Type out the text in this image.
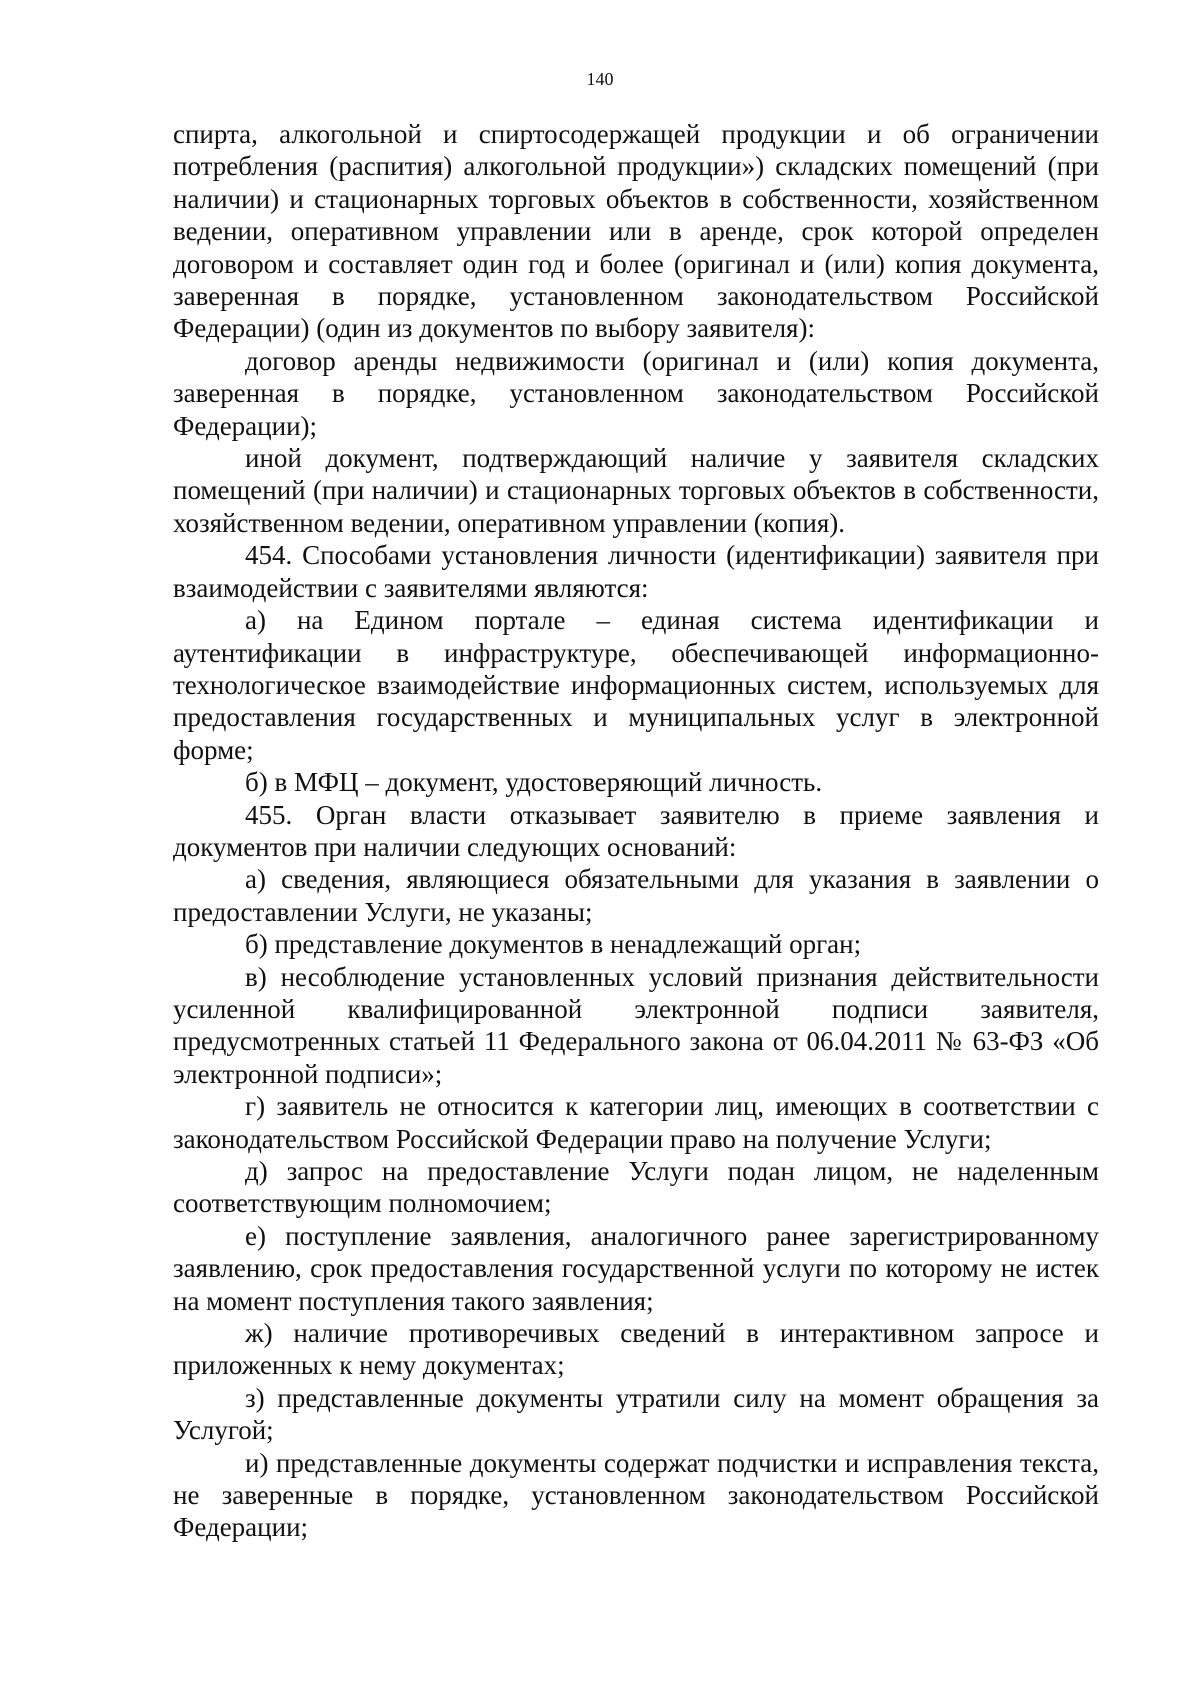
140

спирта, алкогольной и спиртосодержащей продукции и об ограничении потребления (распития) алкогольной продукции») складских помещений (при наличии) и стационарных торговых объектов в собственности, хозяйственном ведении, оперативном управлении или в аренде, срок которой определен договором и составляет один год и более (оригинал и (или) копия документа, заверенная в порядке, установленном законодательством Российской Федерации) (один из документов по выбору заявителя):

договор аренды недвижимости (оригинал и (или) копия документа, заверенная в порядке, установленном законодательством Российской Федерации);

иной документ, подтверждающий наличие у заявителя складских помещений (при наличии) и стационарных торговых объектов в собственности, хозяйственном ведении, оперативном управлении (копия).

454. Способами установления личности (идентификации) заявителя при взаимодействии с заявителями являются:

а) на Едином портале – единая система идентификации и аутентификации в инфраструктуре, обеспечивающей информационно-технологическое взаимодействие информационных систем, используемых для предоставления государственных и муниципальных услуг в электронной форме;

б) в МФЦ – документ, удостоверяющий личность.

455. Орган власти отказывает заявителю в приеме заявления и документов при наличии следующих оснований:

а) сведения, являющиеся обязательными для указания в заявлении о предоставлении Услуги, не указаны;

б) представление документов в ненадлежащий орган;

в) несоблюдение установленных условий признания действительности усиленной квалифицированной электронной подписи заявителя, предусмотренных статьей 11 Федерального закона от 06.04.2011 № 63-ФЗ «Об электронной подписи»;

г) заявитель не относится к категории лиц, имеющих в соответствии с законодательством Российской Федерации право на получение Услуги;

д) запрос на предоставление Услуги подан лицом, не наделенным соответствующим полномочием;

е) поступление заявления, аналогичного ранее зарегистрированному заявлению, срок предоставления государственной услуги по которому не истек на момент поступления такого заявления;

ж) наличие противоречивых сведений в интерактивном запросе и приложенных к нему документах;

з) представленные документы утратили силу на момент обращения за Услугой;

и) представленные документы содержат подчистки и исправления текста, не заверенные в порядке, установленном законодательством Российской Федерации;
